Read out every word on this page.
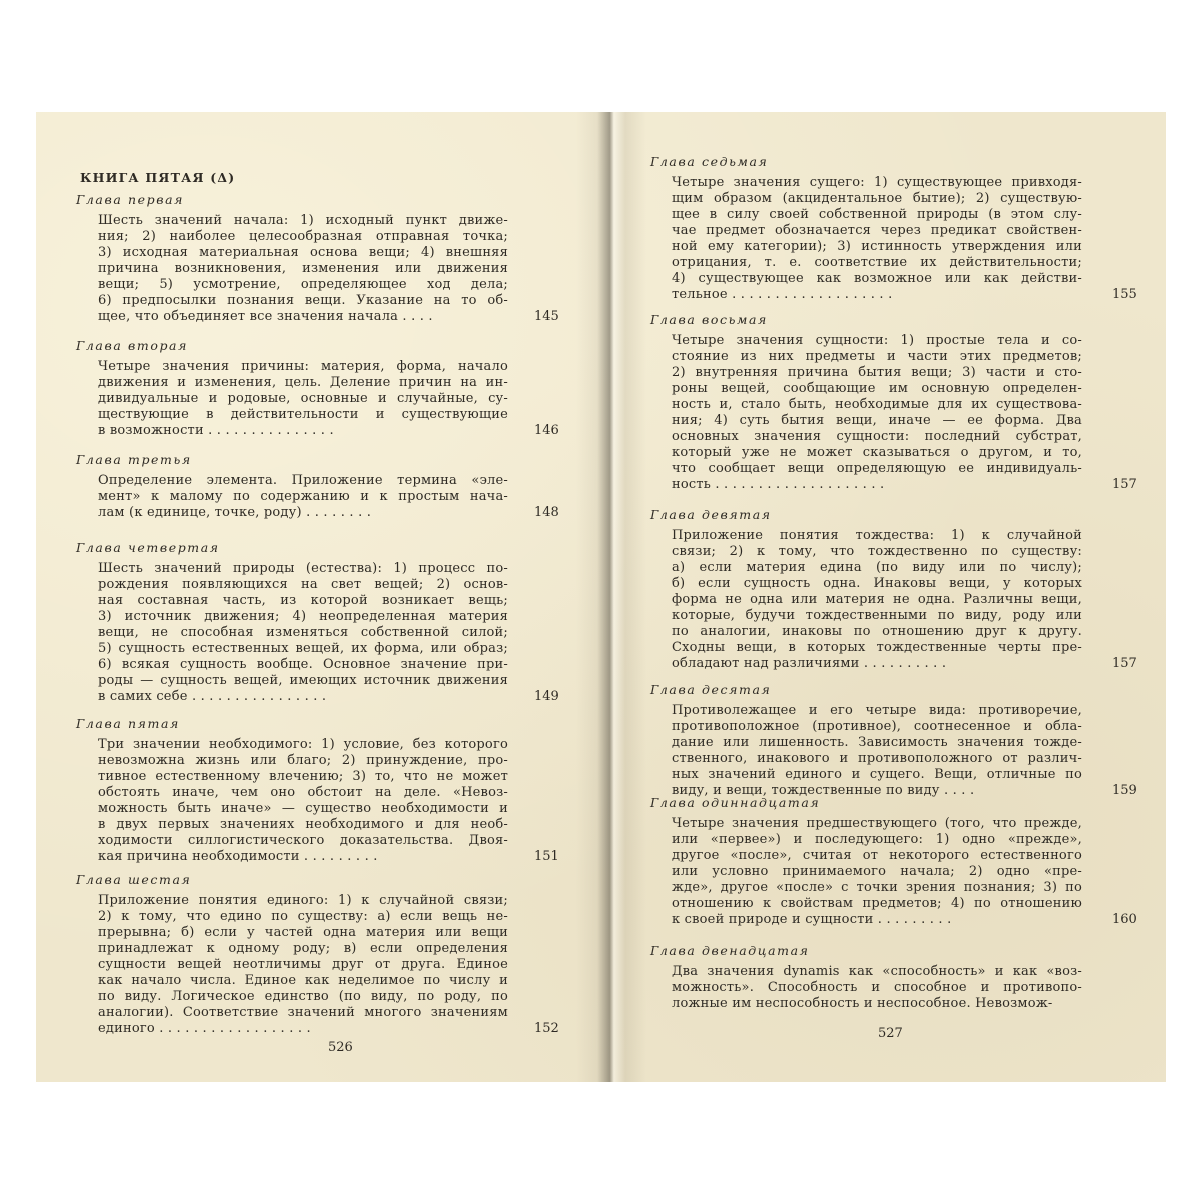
КНИГА ПЯТАЯ (Δ)
526
Глава первая
Шесть значений начала: 1) исходный пункт движе-
ния; 2) наиболее целесообразная отправная точка;
3) исходная материальная основа вещи; 4) внешняя
причина возникновения, изменения или движения
вещи; 5) усмотрение, определяющее ход дела;
6) предпосылки познания вещи. Указание на то об-
щее, что объединяет все значения начала . . . .	145
Глава вторая
Четыре значения причины: материя, форма, начало
движения и изменения, цель. Деление причин на ин-
дивидуальные и родовые, основные и случайные, су-
ществующие в действительности и существующие
в возможности . . . . . . . . . . . . . . .	146
Глава третья
Определение элемента. Приложение термина «эле-
мент» к малому по содержанию и к простым нача-
лам (к единице, точке, роду) . . . . . . . .	148
Глава четвертая
Шесть значений природы (естества): 1) процесс по-
рождения появляющихся на свет вещей; 2) основ-
ная составная часть, из которой возникает вещь;
3) источник движения; 4) неопределенная материя
вещи, не способная изменяться собственной силой;
5) сущность естественных вещей, их форма, или образ;
6) всякая сущность вообще. Основное значение при-
роды — сущность вещей, имеющих источник движения
в самих себе . . . . . . . . . . . . . . . .	149
Глава пятая
Три значении необходимого: 1) условие, без которого
невозможна жизнь или благо; 2) принуждение, про-
тивное естественному влечению; 3) то, что не может
обстоять иначе, чем оно обстоит на деле. «Невоз-
можность быть иначе» — существо необходимости и
в двух первых значениях необходимого и для необ-
ходимости силлогистического доказательства. Двоя-
кая причина необходимости . . . . . . . . .	151
Глава шестая
Приложение понятия единого: 1) к случайной связи;
2) к тому, что едино по существу: а) если вещь не-
прерывна; б) если у частей одна материя или вещи
принадлежат к одному роду; в) если определения
сущности вещей неотличимы друг от друга. Единое
как начало числа. Единое как неделимое по числу и
по виду. Логическое единство (по виду, по роду, по
аналогии). Соответствие значений многого значениям
единого . . . . . . . . . . . . . . . . . .	152	527
Глава седьмая
Четыре значения сущего: 1) существующее привходя-
щим образом (акцидентальное бытие); 2) существую-
щее в силу своей собственной природы (в этом слу-
чае предмет обозначается через предикат свойствен-
ной ему категории); 3) истинность утверждения или
отрицания, т. е. соответствие их действительности;
4) существующее как возможное или как действи-
тельное . . . . . . . . . . . . . . . . . . .	155
Глава восьмая
Четыре значения сущности: 1) простые тела и со-
стояние из них предметы и части этих предметов;
2) внутренняя причина бытия вещи; 3) части и сто-
роны вещей, сообщающие им основную определен-
ность и, стало быть, необходимые для их существова-
ния; 4) суть бытия вещи, иначе — ее форма. Два
основных значения сущности: последний субстрат,
который уже не может сказываться о другом, и то,
что сообщает вещи определяющую ее индивидуаль-
ность . . . . . . . . . . . . . . . . . . . .	157
Глава девятая
Приложение понятия тождества: 1) к случайной
связи; 2) к тому, что тождественно по существу:
а) если материя едина (по виду или по числу);
б) если сущность одна. Инаковы вещи, у которых
форма не одна или материя не одна. Различны вещи,
которые, будучи тождественными по виду, роду или
по аналогии, инаковы по отношению друг к другу.
Сходны вещи, в которых тождественные черты пре-
обладают над различиями . . . . . . . . . .	157
Глава десятая
Противолежащее и его четыре вида: противоречие,
противоположное (противное), соотнесенное и обла-
дание или лишенность. Зависимость значения тожде-
ственного, инакового и противоположного от различ-
ных значений единого и сущего. Вещи, отличные по
виду, и вещи, тождественные по виду . . . .	159
Глава одиннадцатая
Четыре значения предшествующего (того, что прежде,
или «первее») и последующего: 1) одно «прежде»,
другое «после», считая от некоторого естественного
или условно принимаемого начала; 2) одно «пре-
жде», другое «после» с точки зрения познания; 3) по
отношению к свойствам предметов; 4) по отношению
к своей природе и сущности . . . . . . . . .	160
Глава двенадцатая
Два значения dynamis как «способность» и как «воз-
можность». Способность и способное и противопо-
ложные им неспособность и неспособное. Невозмож-
